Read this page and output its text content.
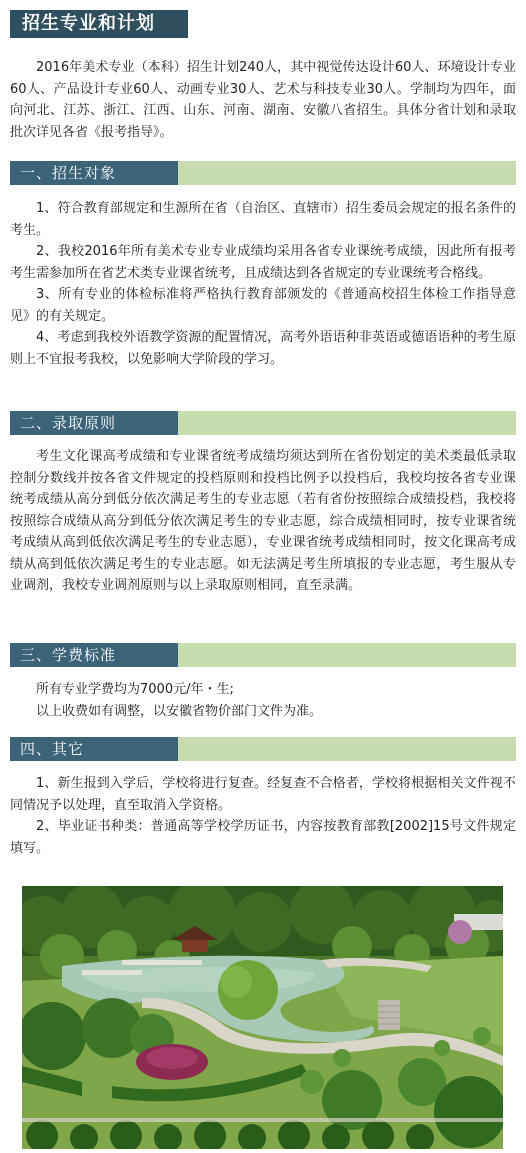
招生专业和计划

2016年美术专业（本科）招生计划240人，其中视觉传达设计60人、环境设计专业60人、产品设计专业60人、动画专业30人、艺术与科技专业30人。学制均为四年，面向河北、江苏、浙江、江西、山东、河南、湖南、安徽八省招生。具体分省计划和录取批次详见各省《报考指导》。

一、招生对象

1、符合教育部规定和生源所在省（自治区、直辖市）招生委员会规定的报名条件的考生。

2、我校2016年所有美术专业专业成绩均采用各省专业课统考成绩，因此所有报考考生需参加所在省艺术类专业课省统考，且成绩达到各省规定的专业课统考合格线。

3、所有专业的体检标准将严格执行教育部颁发的《普通高校招生体检工作指导意见》的有关规定。

4、考虑到我校外语教学资源的配置情况，高考外语语种非英语或德语语种的考生原则上不宜报考我校，以免影响大学阶段的学习。

二、录取原则

考生文化课高考成绩和专业课省统考成绩均须达到所在省份划定的美术类最低录取控制分数线并按各省文件规定的投档原则和投档比例予以投档后，我校均按各省专业课统考成绩从高分到低分依次满足考生的专业志愿（若有省份按照综合成绩投档，我校将按照综合成绩从高分到低分依次满足考生的专业志愿，综合成绩相同时，按专业课省统考成绩从高到低依次满足考生的专业志愿），专业课省统考成绩相同时，按文化课高考成绩从高到低依次满足考生的专业志愿。如无法满足考生所填报的专业志愿，考生服从专业调剂，我校专业调剂原则与以上录取原则相同，直至录满。

三、学费标准

所有专业学费均为7000元/年・生;

以上收费如有调整，以安徽省物价部门文件为准。

四、其它

1、新生报到入学后，学校将进行复查。经复查不合格者，学校将根据相关文件视不同情况予以处理，直至取消入学资格。

2、毕业证书种类：普通高等学校学历证书，内容按教育部教[2002]15号文件规定填写。
